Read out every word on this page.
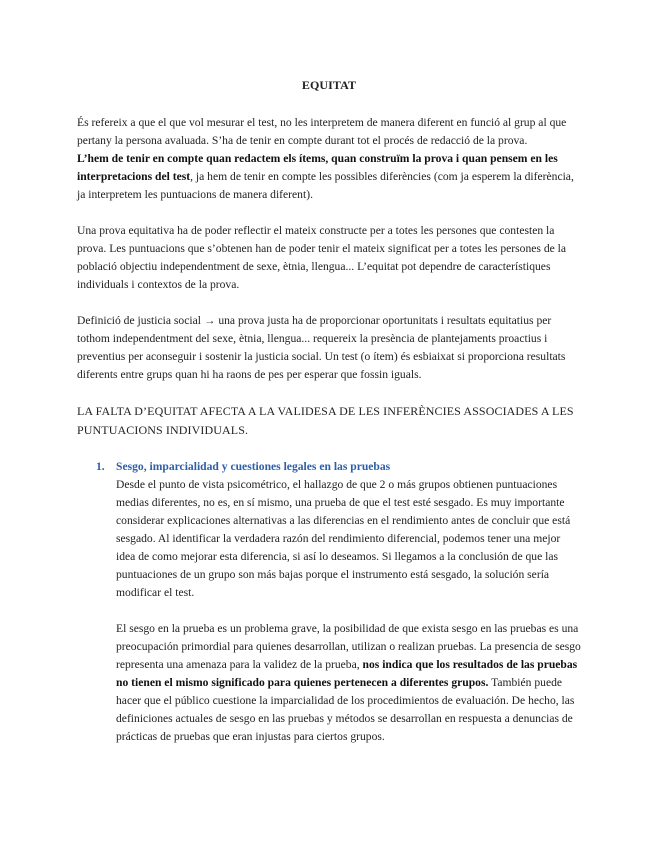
EQUITAT

És refereix a que el que vol mesurar el test, no les interpretem de manera diferent en funció al grup al que pertany la persona avaluada. S’ha de tenir en compte durant tot el procés de redacció de la prova.
L’hem de tenir en compte quan redactem els ítems, quan construïm la prova i quan pensem en les interpretacions del test, ja hem de tenir en compte les possibles diferències (com ja esperem la diferència, ja interpretem les puntuacions de manera diferent).

Una prova equitativa ha de poder reflectir el mateix constructe per a totes les persones que contesten la prova. Les puntuacions que s’obtenen han de poder tenir el mateix significat per a totes les persones de la població objectiu independentment de sexe, ètnia, llengua... L’equitat pot dependre de característiques individuals i contextos de la prova.

Definició de justicia social → una prova justa ha de proporcionar oportunitats i resultats equitatius per tothom independentment del sexe, ètnia, llengua... requereix la presència de plantejaments proactius i preventius per aconseguir i sostenir la justicia social. Un test (o ítem) és esbiaixat si proporciona resultats diferents entre grups quan hi ha raons de pes per esperar que fossin iguals.

LA FALTA D’EQUITAT AFECTA A LA VALIDESA DE LES INFERÈNCIES ASSOCIADES A LES PUNTUACIONS INDIVIDUALS.

1. Sesgo, imparcialidad y cuestiones legales en las pruebas

Desde el punto de vista psicométrico, el hallazgo de que 2 o más grupos obtienen puntuaciones medias diferentes, no es, en sí mismo, una prueba de que el test esté sesgado. Es muy importante considerar explicaciones alternativas a las diferencias en el rendimiento antes de concluir que está sesgado. Al identificar la verdadera razón del rendimiento diferencial, podemos tener una mejor idea de como mejorar esta diferencia, si así lo deseamos. Si llegamos a la conclusión de que las puntuaciones de un grupo son más bajas porque el instrumento está sesgado, la solución sería modificar el test.

El sesgo en la prueba es un problema grave, la posibilidad de que exista sesgo en las pruebas es una preocupación primordial para quienes desarrollan, utilizan o realizan pruebas. La presencia de sesgo representa una amenaza para la validez de la prueba, nos indica que los resultados de las pruebas no tienen el mismo significado para quienes pertenecen a diferentes grupos. También puede hacer que el público cuestione la imparcialidad de los procedimientos de evaluación. De hecho, las definiciones actuales de sesgo en las pruebas y métodos se desarrollan en respuesta a denuncias de prácticas de pruebas que eran injustas para ciertos grupos.
